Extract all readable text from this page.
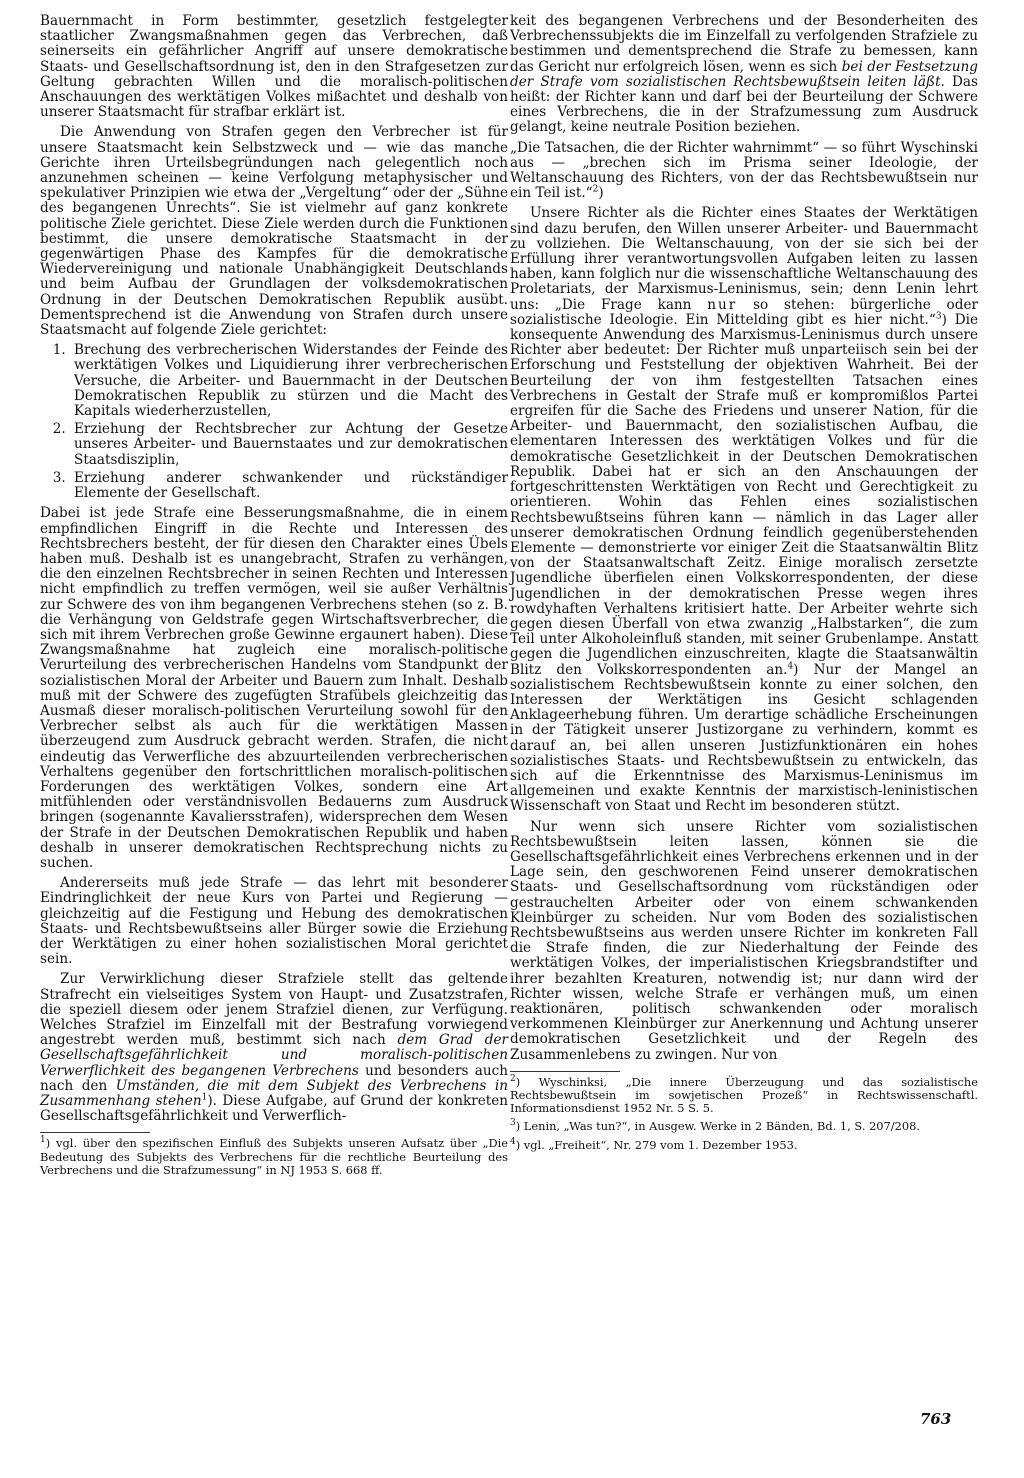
Bauernmacht in Form bestimmter, gesetzlich festgelegter staatlicher Zwangsmaßnahmen gegen das Verbrechen, daß seinerseits ein gefährlicher Angriff auf unsere demokratische Staats- und Gesellschaftsordnung ist, den in den Strafgesetzen zur Geltung gebrachten Willen und die moralisch-politischen Anschauungen des werktätigen Volkes mißachtet und deshalb von unserer Staatsmacht für strafbar erklärt ist.

Die Anwendung von Strafen gegen den Verbrecher ist für unsere Staatsmacht kein Selbstzweck und — wie das manche Gerichte ihren Urteilsbegründungen nach gelegentlich noch anzunehmen scheinen — keine Verfolgung metaphysischer und spekulativer Prinzipien wie etwa der „Vergeltung“ oder der „Sühne des begangenen Unrechts“. Sie ist vielmehr auf ganz konkrete politische Ziele gerichtet. Diese Ziele werden durch die Funktionen bestimmt, die unsere demokratische Staatsmacht in der gegenwärtigen Phase des Kampfes für die demokratische Wiedervereinigung und nationale Unabhängigkeit Deutschlands und beim Aufbau der Grundlagen der volksdemokratischen Ordnung in der Deutschen Demokratischen Republik ausübt. Dementsprechend ist die Anwendung von Strafen durch unsere Staatsmacht auf folgende Ziele gerichtet:

1. Brechung des verbrecherischen Widerstandes der Feinde des werktätigen Volkes und Liquidierung ihrer verbrecherischen Versuche, die Arbeiter- und Bauernmacht in der Deutschen Demokratischen Republik zu stürzen und die Macht des Kapitals wiederherzustellen,
2. Erziehung der Rechtsbrecher zur Achtung der Gesetze unseres Arbeiter- und Bauernstaates und zur demokratischen Staatsdisziplin,
3. Erziehung anderer schwankender und rückständiger Elemente der Gesellschaft.

Dabei ist jede Strafe eine Besserungsmaßnahme, die in einem empfindlichen Eingriff in die Rechte und Interessen des Rechtsbrechers besteht, der für diesen den Charakter eines Übels haben muß. Deshalb ist es unangebracht, Strafen zu verhängen, die den einzelnen Rechtsbrecher in seinen Rechten und Interessen nicht empfindlich zu treffen vermögen, weil sie außer Verhältnis zur Schwere des von ihm begangenen Verbrechens stehen (so z. B. die Verhängung von Geldstrafe gegen Wirtschaftsverbrecher, die sich mit ihrem Verbrechen große Gewinne ergaunert haben). Diese Zwangsmaßnahme hat zugleich eine moralisch-politische Verurteilung des verbrecherischen Handelns vom Standpunkt der sozialistischen Moral der Arbeiter und Bauern zum Inhalt. Deshalb muß mit der Schwere des zugefügten Strafübels gleichzeitig das Ausmaß dieser moralisch-politischen Verurteilung sowohl für den Verbrecher selbst als auch für die werktätigen Massen überzeugend zum Ausdruck gebracht werden. Strafen, die nicht eindeutig das Verwerfliche des abzuurteilenden verbrecherischen Verhaltens gegenüber den fortschrittlichen moralisch-politischen Forderungen des werktätigen Volkes, sondern eine Art mitfühlenden oder verständnisvollen Bedauerns zum Ausdruck bringen (sogenannte Kavaliersstrafen), widersprechen dem Wesen der Strafe in der Deutschen Demokratischen Republik und haben deshalb in unserer demokratischen Rechtsprechung nichts zu suchen.

Andererseits muß jede Strafe — das lehrt mit besonderer Eindringlichkeit der neue Kurs von Partei und Regierung — gleichzeitig auf die Festigung und Hebung des demokratischen Staats- und Rechtsbewußtseins aller Bürger sowie die Erziehung der Werktätigen zu einer hohen sozialistischen Moral gerichtet sein.

Zur Verwirklichung dieser Strafziele stellt das geltende Strafrecht ein vielseitiges System von Haupt- und Zusatzstrafen, die speziell diesem oder jenem Strafziel dienen, zur Verfügung. Welches Strafziel im Einzelfall mit der Bestrafung vorwiegend angestrebt werden muß, bestimmt sich nach dem Grad der Gesellschaftsgefährlichkeit und moralisch-politischen Verwerflichkeit des begangenen Verbrechens und besonders auch nach den Umständen, die mit dem Subjekt des Verbrechens in Zusammenhang stehen$^1$). Diese Aufgabe, auf Grund der konkreten Gesellschaftsgefährlichkeit und Verwerflich-

$^1$) vgl. über den spezifischen Einfluß des Subjekts unseren Aufsatz über „Die Bedeutung des Subjekts des Verbrechens für die rechtliche Beurteilung des Verbrechens und die Strafzumessung“ in NJ 1953 S. 668 ff.

keit des begangenen Verbrechens und der Besonderheiten des Verbrechenssubjekts die im Einzelfall zu verfolgenden Strafziele zu bestimmen und dementsprechend die Strafe zu bemessen, kann das Gericht nur erfolgreich lösen, wenn es sich bei der Festsetzung der Strafe vom sozialistischen Rechtsbewußtsein leiten läßt. Das heißt: der Richter kann und darf bei der Beurteilung der Schwere eines Verbrechens, die in der Strafzumessung zum Ausdruck gelangt, keine neutrale Position beziehen.

„Die Tatsachen, die der Richter wahrnimmt“ — so führt Wyschinski aus — „brechen sich im Prisma seiner Ideologie, der Weltanschauung des Richters, von der das Rechtsbewußtsein nur ein Teil ist.“$^2$)

Unsere Richter als die Richter eines Staates der Werktätigen sind dazu berufen, den Willen unserer Arbeiter- und Bauernmacht zu vollziehen. Die Weltanschauung, von der sie sich bei der Erfüllung ihrer verantwortungsvollen Aufgaben leiten zu lassen haben, kann folglich nur die wissenschaftliche Weltanschauung des Proletariats, der Marxismus-Leninismus, sein; denn Lenin lehrt uns: „Die Frage kann nur so stehen: bürgerliche oder sozialistische Ideologie. Ein Mittelding gibt es hier nicht.“$^3$) Die konsequente Anwendung des Marxismus-Leninismus durch unsere Richter aber bedeutet: Der Richter muß unparteiisch sein bei der Erforschung und Feststellung der objektiven Wahrheit. Bei der Beurteilung der von ihm festgestellten Tatsachen eines Verbrechens in Gestalt der Strafe muß er kompromißlos Partei ergreifen für die Sache des Friedens und unserer Nation, für die Arbeiter- und Bauernmacht, den sozialistischen Aufbau, die elementaren Interessen des werktätigen Volkes und für die demokratische Gesetzlichkeit in der Deutschen Demokratischen Republik. Dabei hat er sich an den Anschauungen der fortgeschrittensten Werktätigen von Recht und Gerechtigkeit zu orientieren. Wohin das Fehlen eines sozialistischen Rechtsbewußtseins führen kann — nämlich in das Lager aller unserer demokratischen Ordnung feindlich gegenüberstehenden Elemente — demonstrierte vor einiger Zeit die Staatsanwältin Blitz von der Staatsanwaltschaft Zeitz. Einige moralisch zersetzte Jugendliche überfielen einen Volkskorrespondenten, der diese Jugendlichen in der demokratischen Presse wegen ihres rowdyhaften Verhaltens kritisiert hatte. Der Arbeiter wehrte sich gegen diesen Überfall von etwa zwanzig „Halbstarken“, die zum Teil unter Alkoholeinfluß standen, mit seiner Grubenlampe. Anstatt gegen die Jugendlichen einzuschreiten, klagte die Staatsanwältin Blitz den Volkskorrespondenten an.$^4$) Nur der Mangel an sozialistischem Rechtsbewußtsein konnte zu einer solchen, den Interessen der Werktätigen ins Gesicht schlagenden Anklageerhebung führen. Um derartige schädliche Erscheinungen in der Tätigkeit unserer Justizorgane zu verhindern, kommt es darauf an, bei allen unseren Justizfunktionären ein hohes sozialistisches Staats- und Rechtsbewußtsein zu entwickeln, das sich auf die Erkenntnisse des Marxismus-Leninismus im allgemeinen und exakte Kenntnis der marxistisch-leninistischen Wissenschaft von Staat und Recht im besonderen stützt.

Nur wenn sich unsere Richter vom sozialistischen Rechtsbewußtsein leiten lassen, können sie die Gesellschaftsgefährlichkeit eines Verbrechens erkennen und in der Lage sein, den geschworenen Feind unserer demokratischen Staats- und Gesellschaftsordnung vom rückständigen oder gestrauchelten Arbeiter oder von einem schwankenden Kleinbürger zu scheiden. Nur vom Boden des sozialistischen Rechtsbewußtseins aus werden unsere Richter im konkreten Fall die Strafe finden, die zur Niederhaltung der Feinde des werktätigen Volkes, der imperialistischen Kriegsbrandstifter und ihrer bezahlten Kreaturen, notwendig ist; nur dann wird der Richter wissen, welche Strafe er verhängen muß, um einen reaktionären, politisch schwankenden oder moralisch verkommenen Kleinbürger zur Anerkennung und Achtung unserer demokratischen Gesetzlichkeit und der Regeln des Zusammenlebens zu zwingen. Nur von

$^2$) Wyschinksi, „Die innere Überzeugung und das sozialistische Rechtsbewußtsein im sowjetischen Prozeß“ in Rechtswissenschaftl. Informationsdienst 1952 Nr. 5 S. 5.

$^3$) Lenin, „Was tun?“, in Ausgew. Werke in 2 Bänden, Bd. 1, S. 207/208.

$^4$) vgl. „Freiheit“, Nr. 279 vom 1. Dezember 1953.

763
